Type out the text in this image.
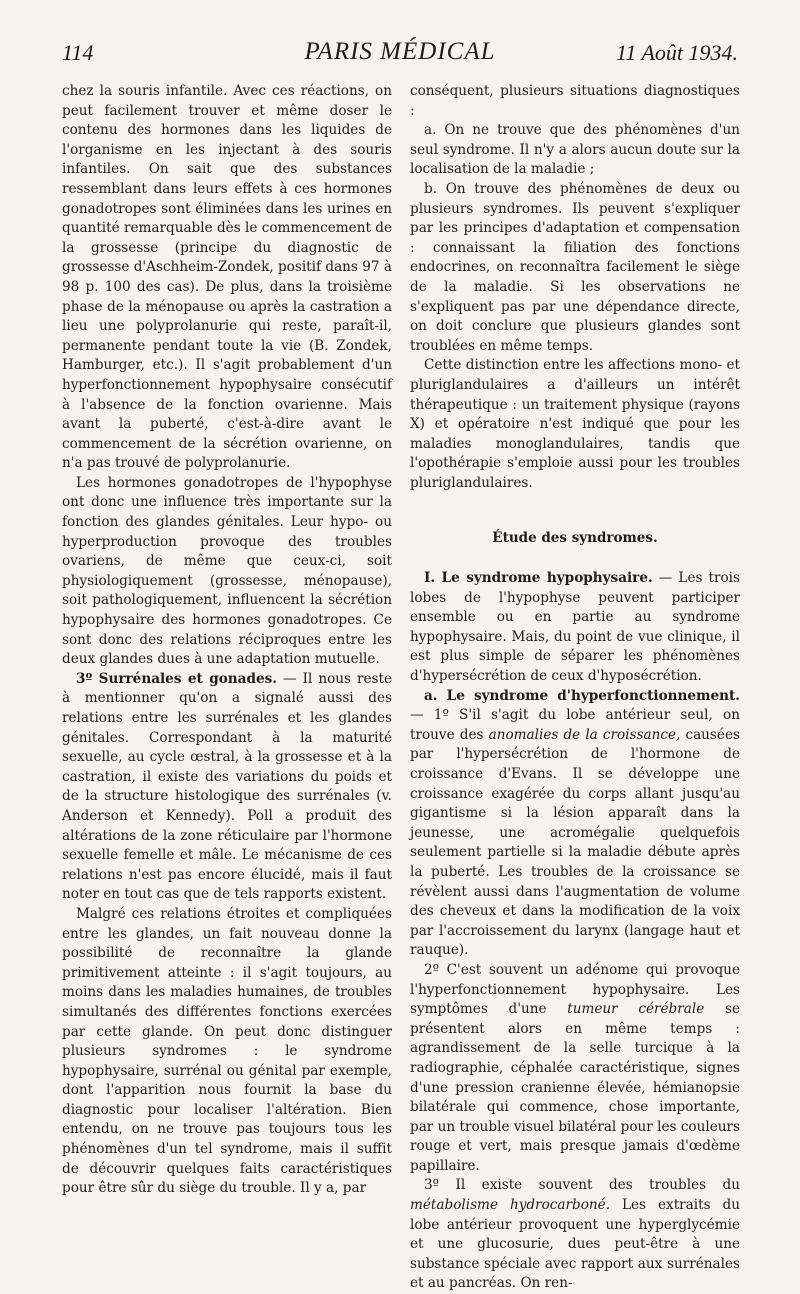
114	PARIS MÉDICAL	11 Août 1934.

chez la souris infantile. Avec ces réactions, on peut facilement trouver et même doser le contenu des hormones dans les liquides de l'organisme en les injectant à des souris infantiles. On sait que des substances ressemblant dans leurs effets à ces hormones gonadotropes sont éliminées dans les urines en quantité remarquable dès le commencement de la grossesse (principe du diagnostic de grossesse d'Aschheim-Zondek, positif dans 97 à 98 p. 100 des cas). De plus, dans la troisième phase de la ménopause ou après la castration a lieu une polyprolanurie qui reste, paraît-il, permanente pendant toute la vie (B. Zondek, Hamburger, etc.). Il s'agit probablement d'un hyperfonctionnement hypophysaire consécutif à l'absence de la fonction ovarienne. Mais avant la puberté, c'est-à-dire avant le commencement de la sécrétion ovarienne, on n'a pas trouvé de polyprolanurie.

Les hormones gonadotropes de l'hypophyse ont donc une influence très importante sur la fonction des glandes génitales. Leur hypo- ou hyperproduction provoque des troubles ovariens, de même que ceux-ci, soit physiologiquement (grossesse, ménopause), soit pathologiquement, influencent la sécrétion hypophysaire des hormones gonadotropes. Ce sont donc des relations réciproques entre les deux glandes dues à une adaptation mutuelle.

3º Surrénales et gonades. — Il nous reste à mentionner qu'on a signalé aussi des relations entre les surrénales et les glandes génitales. Correspondant à la maturité sexuelle, au cycle œstral, à la grossesse et à la castration, il existe des variations du poids et de la structure histologique des surrénales (v. Anderson et Kennedy). Poll a produit des altérations de la zone réticulaire par l'hormone sexuelle femelle et mâle. Le mécanisme de ces relations n'est pas encore élucidé, mais il faut noter en tout cas que de tels rapports existent.

Malgré ces relations étroites et compliquées entre les glandes, un fait nouveau donne la possibilité de reconnaître la glande primitivement atteinte : il s'agit toujours, au moins dans les maladies humaines, de troubles simultanés des différentes fonctions exercées par cette glande. On peut donc distinguer plusieurs syndromes : le syndrome hypophysaire, surrénal ou génital par exemple, dont l'apparition nous fournit la base du diagnostic pour localiser l'altération. Bien entendu, on ne trouve pas toujours tous les phénomènes d'un tel syndrome, mais il suffit de découvrir quelques faits caractéristiques pour être sûr du siège du trouble. Il y a, par

conséquent, plusieurs situations diagnostiques :

a. On ne trouve que des phénomènes d'un seul syndrome. Il n'y a alors aucun doute sur la localisation de la maladie ;

b. On trouve des phénomènes de deux ou plusieurs syndromes. Ils peuvent s'expliquer par les principes d'adaptation et compensation : connaissant la filiation des fonctions endocrines, on reconnaîtra facilement le siège de la maladie. Si les observations ne s'expliquent pas par une dépendance directe, on doit conclure que plusieurs glandes sont troublées en même temps.

Cette distinction entre les affections mono- et pluriglandulaires a d'ailleurs un intérêt thérapeutique : un traitement physique (rayons X) et opératoire n'est indiqué que pour les maladies monoglandulaires, tandis que l'opothérapie s'emploie aussi pour les troubles pluriglandulaires.

Étude des syndromes.

I. Le syndrome hypophysaire. — Les trois lobes de l'hypophyse peuvent participer ensemble ou en partie au syndrome hypophysaire. Mais, du point de vue clinique, il est plus simple de séparer les phénomènes d'hypersécrétion de ceux d'hyposécrétion.

a. Le syndrome d'hyperfonctionnement. — 1º S'il s'agit du lobe antérieur seul, on trouve des anomalies de la croissance, causées par l'hypersécrétion de l'hormone de croissance d'Evans. Il se développe une croissance exagérée du corps allant jusqu'au gigantisme si la lésion apparaît dans la jeunesse, une acromégalie quelquefois seulement partielle si la maladie débute après la puberté. Les troubles de la croissance se révèlent aussi dans l'augmentation de volume des cheveux et dans la modification de la voix par l'accroissement du larynx (langage haut et rauque).

2º C'est souvent un adénome qui provoque l'hyperfonctionnement hypophysaire. Les symptômes d'une tumeur cérébrale se présentent alors en même temps : agrandissement de la selle turcique à la radiographie, céphalée caractéristique, signes d'une pression cranienne élevée, hémianopsie bilatérale qui commence, chose importante, par un trouble visuel bilatéral pour les couleurs rouge et vert, mais presque jamais d'œdème papillaire.

3º Il existe souvent des troubles du métabolisme hydrocarboné. Les extraits du lobe antérieur provoquent une hyperglycémie et une glucosurie, dues peut-être à une substance spéciale avec rapport aux surrénales et au pancréas. On ren-
